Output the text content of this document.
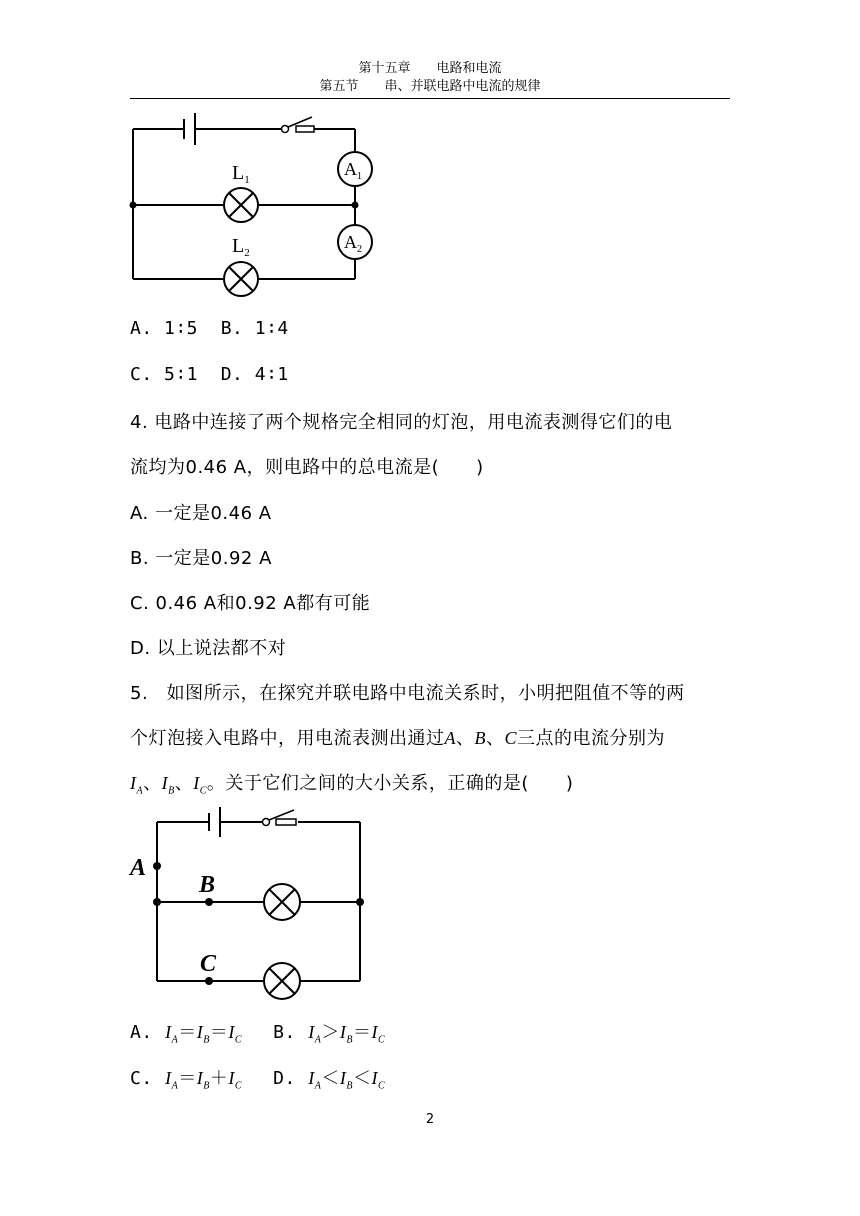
第十五章　　电路和电流
第五节　　串、并联电路中电流的规律
$L_1$
$L_2$
$A_1$
$A_2$
A. 1∶5 B. 1∶4
C. 5∶1 D. 4∶1
4. 电路中连接了两个规格完全相同的灯泡，用电流表测得它们的电
流均为0.46 A，则电路中的总电流是(　　)
A. 一定是0.46 A
B. 一定是0.92 A
C. 0.46 A和0.92 A都有可能
D. 以上说法都不对
5.　如图所示，在探究并联电路中电流关系时，小明把阻值不等的两
个灯泡接入电路中，用电流表测出通过A、B、C三点的电流分别为
$I_A$、$I_B$、$I_C$。关于它们之间的大小关系，正确的是(　　)
A
B
C
A. $I_A=I_B=I_C$ B. $I_A>I_B=I_C$
C. $I_A=I_B+I_C$ D. $I_A<I_B<I_C$
2
